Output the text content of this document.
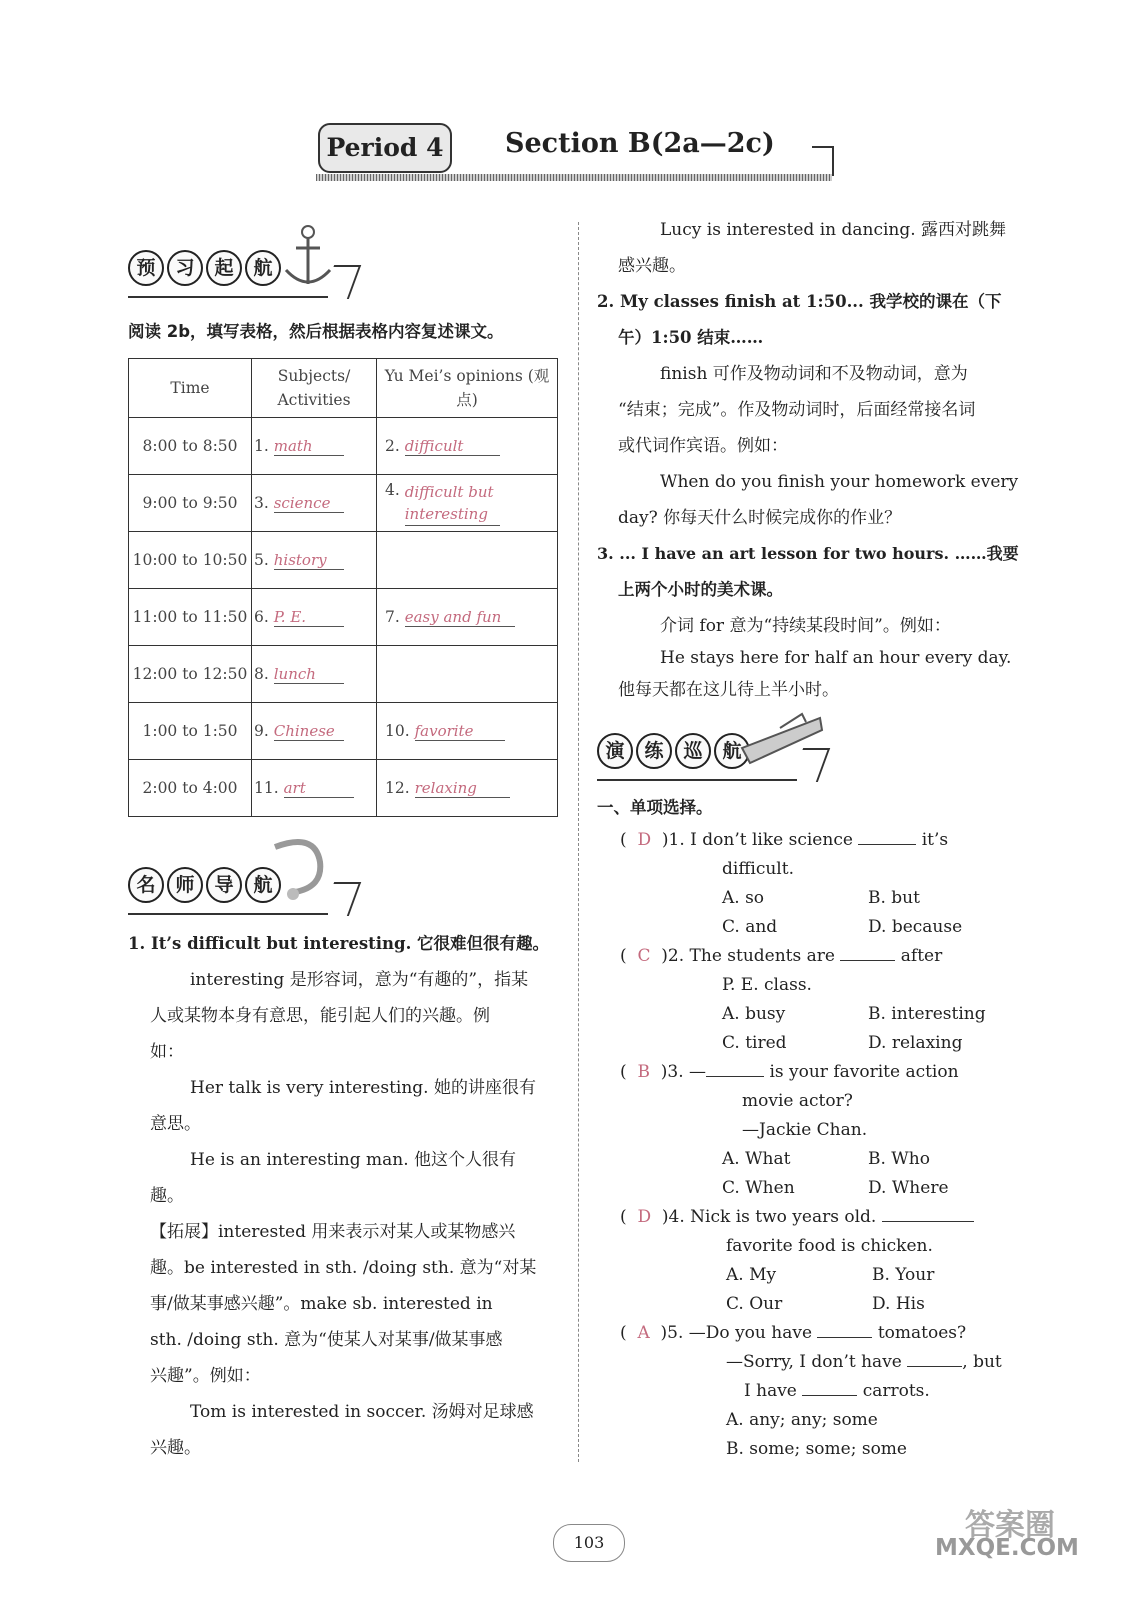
Period 4	Section B(2a—2c)
预 习 起 航
阅读 2b，填写表格，然后根据表格内容复述课文。
Time	Subjects/ Activities	Yu Mei’s opinions (观点)
8:00 to 8:50	1. math	2. difficult
9:00 to 9:50	3. science	4. difficult but interesting
10:00 to 10:50	5. history	
11:00 to 11:50	6. P. E.	7. easy and fun
12:00 to 12:50	8. lunch	
1:00 to 1:50	9. Chinese	10. favorite
2:00 to 4:00	11. art	12. relaxing
名 师 导 航
1. It’s difficult but interesting. 它很难但很有趣。
interesting 是形容词，意为“有趣的”，指某
人或某物本身有意思，能引起人们的兴趣。例
如：
Her talk is very interesting. 她的讲座很有
意思。
He is an interesting man. 他这个人很有
趣。
【拓展】interested 用来表示对某人或某物感兴
趣。be interested in sth. /doing sth. 意为“对某
事/做某事感兴趣”。make sb. interested in
sth. /doing sth. 意为“使某人对某事/做某事感
兴趣”。例如：
Tom is interested in soccer. 汤姆对足球感
兴趣。
Lucy is interested in dancing. 露西对跳舞
感兴趣。
2. My classes finish at 1:50... 我学校的课在（下
午）1:50 结束……
finish 可作及物动词和不及物动词，意为
“结束；完成”。作及物动词时，后面经常接名词
或代词作宾语。例如：
When do you finish your homework every
day? 你每天什么时候完成你的作业？
3. ... I have an art lesson for two hours. ……我要
上两个小时的美术课。
介词 for 意为“持续某段时间”。例如：
He stays here for half an hour every day.
他每天都在这儿待上半小时。
演 练 巡 航
一、单项选择。
(  D )1. I don’t like science	it’s
difficult.
A. so	B. but
C. and	D. because
(  C )2. The students are	after
P. E. class.
A. busy	B. interesting
C. tired	D. relaxing
(  B )3. —	is your favorite action
movie actor?
—Jackie Chan.
A. What	B. Who
C. When	D. Where
(  D )4. Nick is two years old.
favorite food is chicken.
A. My	B. Your
C. Our	D. His
(  A )5. —Do you have	tomatoes?
—Sorry, I don’t have	, but
I have	carrots.
A. any; any; some
B. some; some; some
103	答案圈
MXQE.COM
